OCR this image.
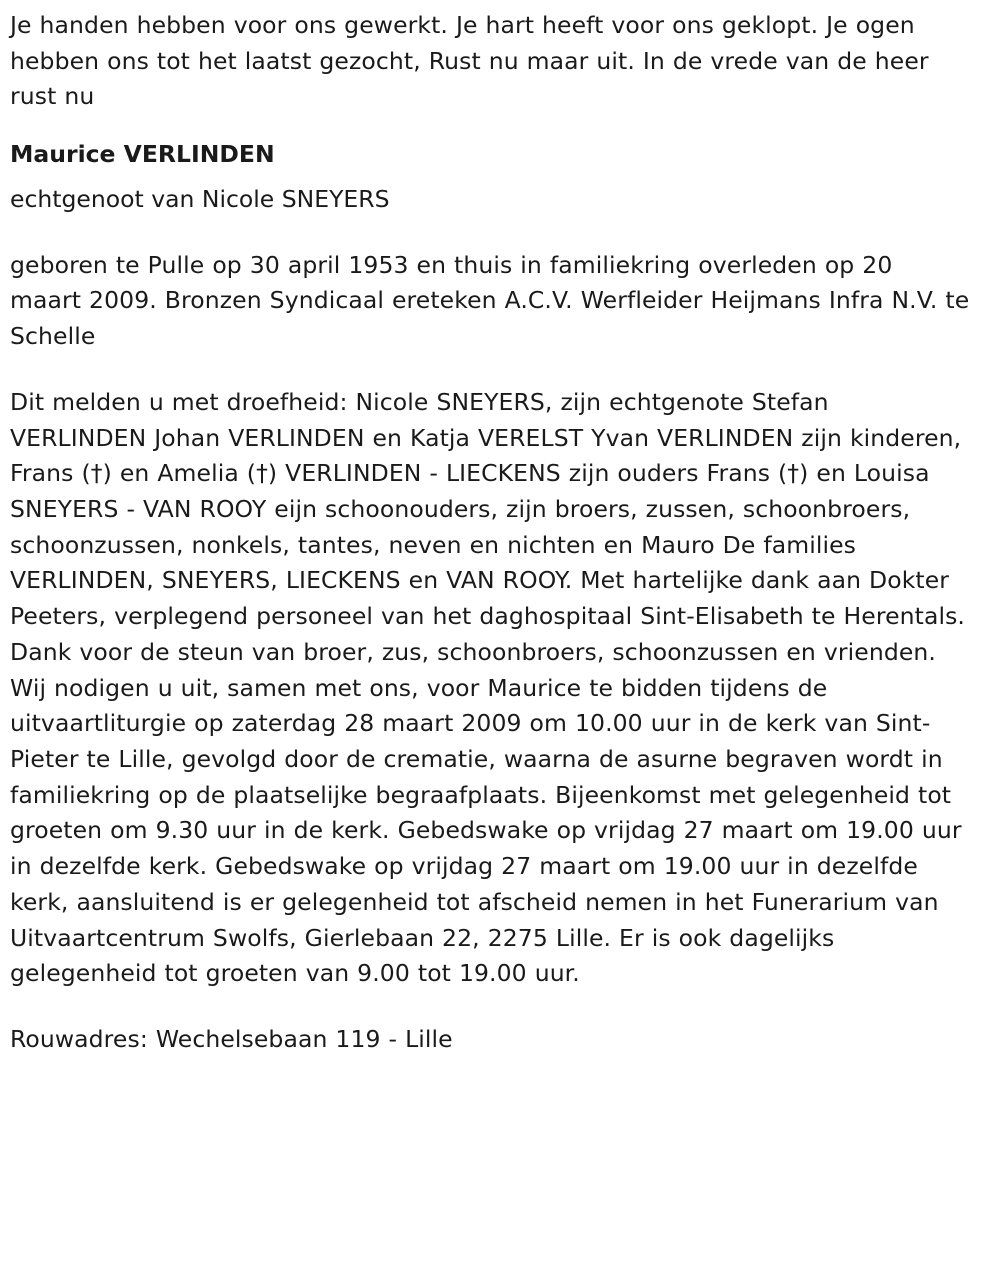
Je handen hebben voor ons gewerkt. Je hart heeft voor ons geklopt. Je ogen hebben ons tot het laatst gezocht, Rust nu maar uit. In de vrede van de heer rust nu

Maurice VERLINDEN

echtgenoot van Nicole SNEYERS

geboren te Pulle op 30 april 1953 en thuis in familiekring overleden op 20 maart 2009. Bronzen Syndicaal ereteken A.C.V. Werfleider Heijmans Infra N.V. te Schelle

Dit melden u met droefheid: Nicole SNEYERS, zijn echtgenote Stefan VERLINDEN Johan VERLINDEN en Katja VERELST Yvan VERLINDEN zijn kinderen, Frans (†) en Amelia (†) VERLINDEN - LIECKENS zijn ouders Frans (†) en Louisa SNEYERS - VAN ROOY eijn schoonouders, zijn broers, zussen, schoonbroers, schoonzussen, nonkels, tantes, neven en nichten en Mauro De families VERLINDEN, SNEYERS, LIECKENS en VAN ROOY. Met hartelijke dank aan Dokter Peeters, verplegend personeel van het daghospitaal Sint-Elisabeth te Herentals. Dank voor de steun van broer, zus, schoonbroers, schoonzussen en vrienden. Wij nodigen u uit, samen met ons, voor Maurice te bidden tijdens de uitvaartliturgie op zaterdag 28 maart 2009 om 10.00 uur in de kerk van Sint-Pieter te Lille, gevolgd door de crematie, waarna de asurne begraven wordt in familiekring op de plaatselijke begraafplaats. Bijeenkomst met gelegenheid tot groeten om 9.30 uur in de kerk. Gebedswake op vrijdag 27 maart om 19.00 uur in dezelfde kerk. Gebedswake op vrijdag 27 maart om 19.00 uur in dezelfde kerk, aansluitend is er gelegenheid tot afscheid nemen in het Funerarium van Uitvaartcentrum Swolfs, Gierlebaan 22, 2275 Lille. Er is ook dagelijks gelegenheid tot groeten van 9.00 tot 19.00 uur.

Rouwadres: Wechelsebaan 119 - Lille
